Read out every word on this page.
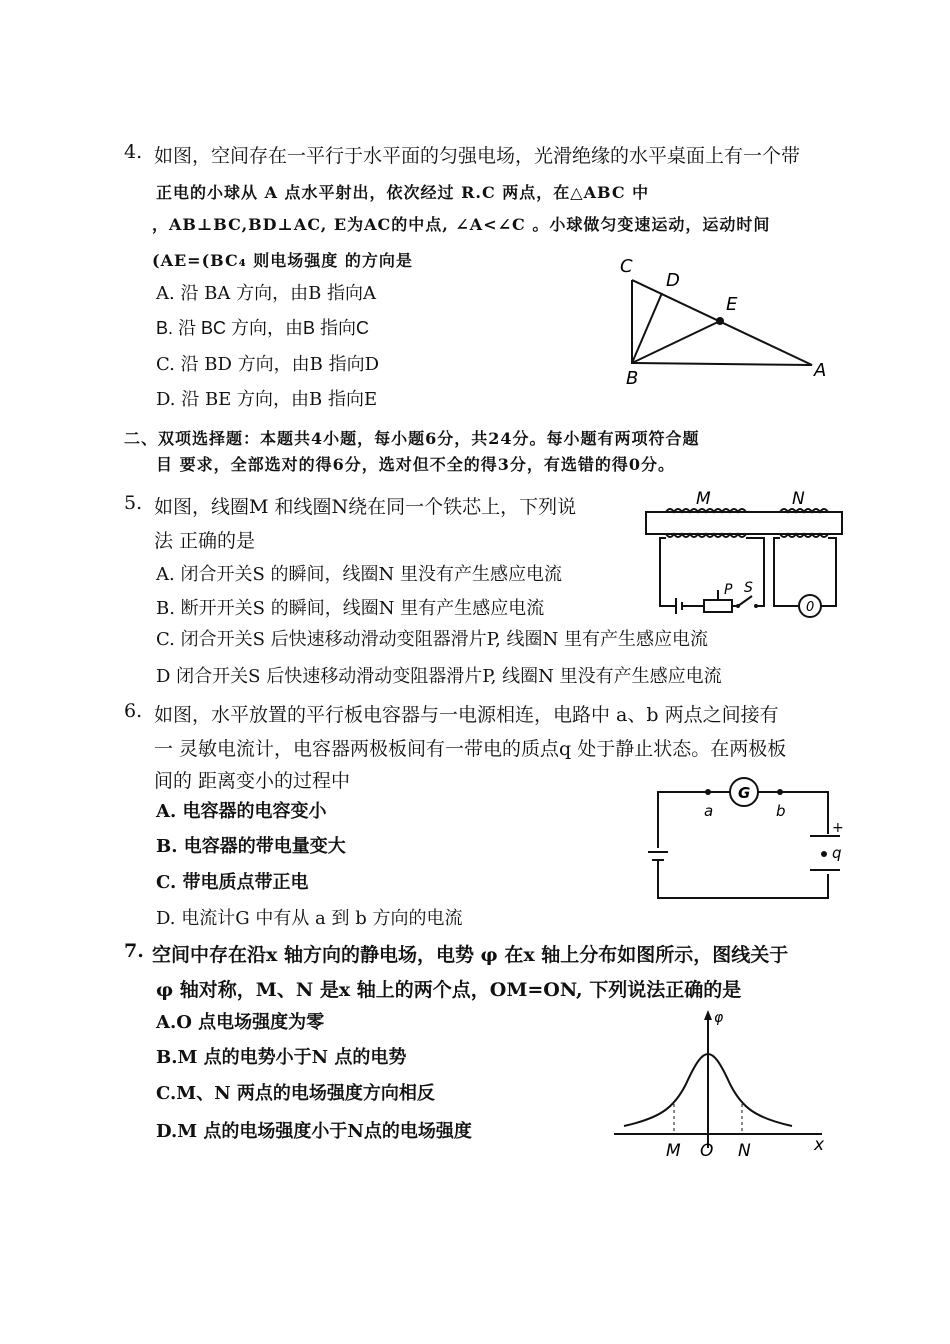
4. 如图，空间存在一平行于水平面的匀强电场，光滑绝缘的水平桌面上有一个带
正电的小球从 A 点水平射出，依次经过 R.C 两点，在△ABC 中
，AB⊥BC,BD⊥AC, E为AC的中点, ∠A<∠C 。小球做匀变速运动，运动时间
(AE=(BC₄ 则电场强度 的方向是
A. 沿 BA 方向，由B 指向A
B. 沿 BC 方向，由B 指向C
C. 沿 BD 方向，由B 指向D
D. 沿 BE 方向，由B 指向E
C
D
E
B	A
二、双项选择题：本题共4小题，每小题6分，共24分。每小题有两项符合题
目 要求，全部选对的得6分，选对但不全的得3分，有选错的得0分。
5. 如图，线圈M 和线圈N绕在同一个铁芯上，下列说
法 正确的是
A. 闭合开关S 的瞬间，线圈N 里没有产生感应电流
B. 断开开关S 的瞬间，线圈N 里有产生感应电流
C. 闭合开关S 后快速移动滑动变阻器滑片P, 线圈N 里有产生感应电流
D 闭合开关S 后快速移动滑动变阻器滑片P, 线圈N 里没有产生感应电流
M	N
P S
0
6. 如图，水平放置的平行板电容器与一电源相连，电路中 a、b 两点之间接有
一 灵敏电流计，电容器两极板间有一带电的质点q 处于静止状态。在两极板
间的 距离变小的过程中
A. 电容器的电容变小
B. 电容器的带电量变大
C. 带电质点带正电
D. 电流计G 中有从 a 到 b 方向的电流
a
G
b
+
q
7. 空间中存在沿x 轴方向的静电场，电势 φ 在x 轴上分布如图所示，图线关于
φ 轴对称，M、N 是x 轴上的两个点，OM=ON, 下列说法正确的是
A.O 点电场强度为零
B.M 点的电势小于N 点的电势
C.M、N 两点的电场强度方向相反
D.M 点的电场强度小于N点的电场强度
φ
M O N	x
